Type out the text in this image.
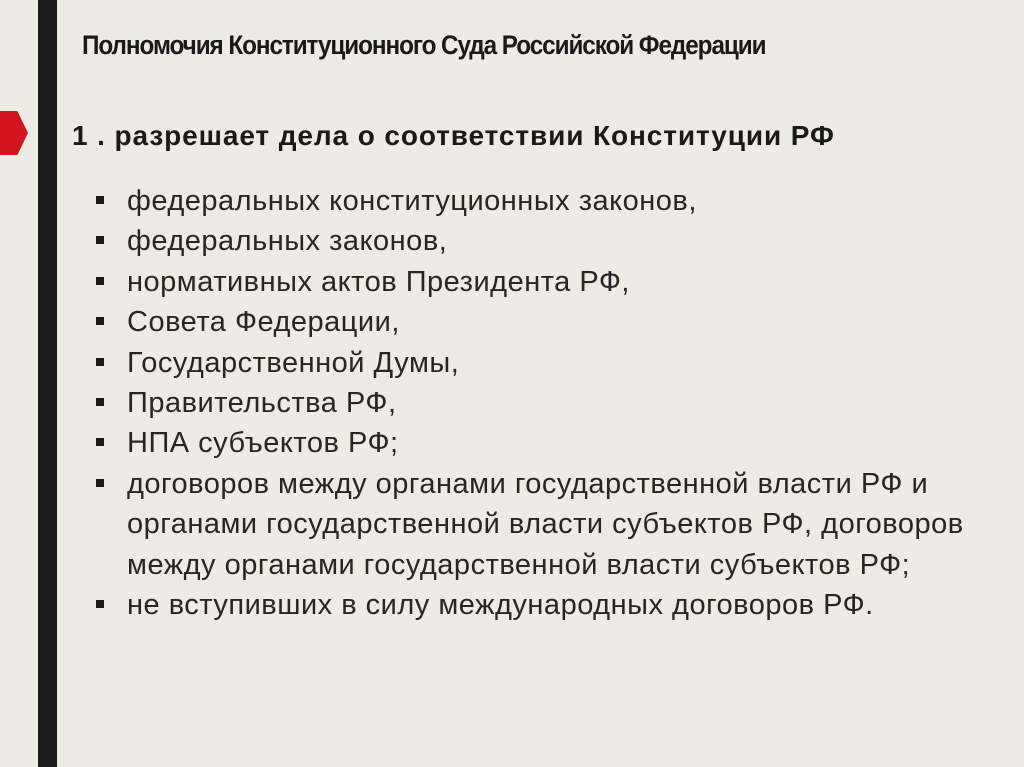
Полномочия Конституционного Суда Российской Федерации
1 . разрешает дела о соответствии Конституции РФ
федеральных конституционных законов,
федеральных законов,
нормативных актов Президента РФ,
Совета Федерации,
Государственной Думы,
Правительства РФ,
НПА субъектов РФ;
договоров между органами государственной власти РФ и органами государственной власти субъектов РФ, договоров между органами государственной власти субъектов РФ;
не вступивших в силу международных договоров РФ.
